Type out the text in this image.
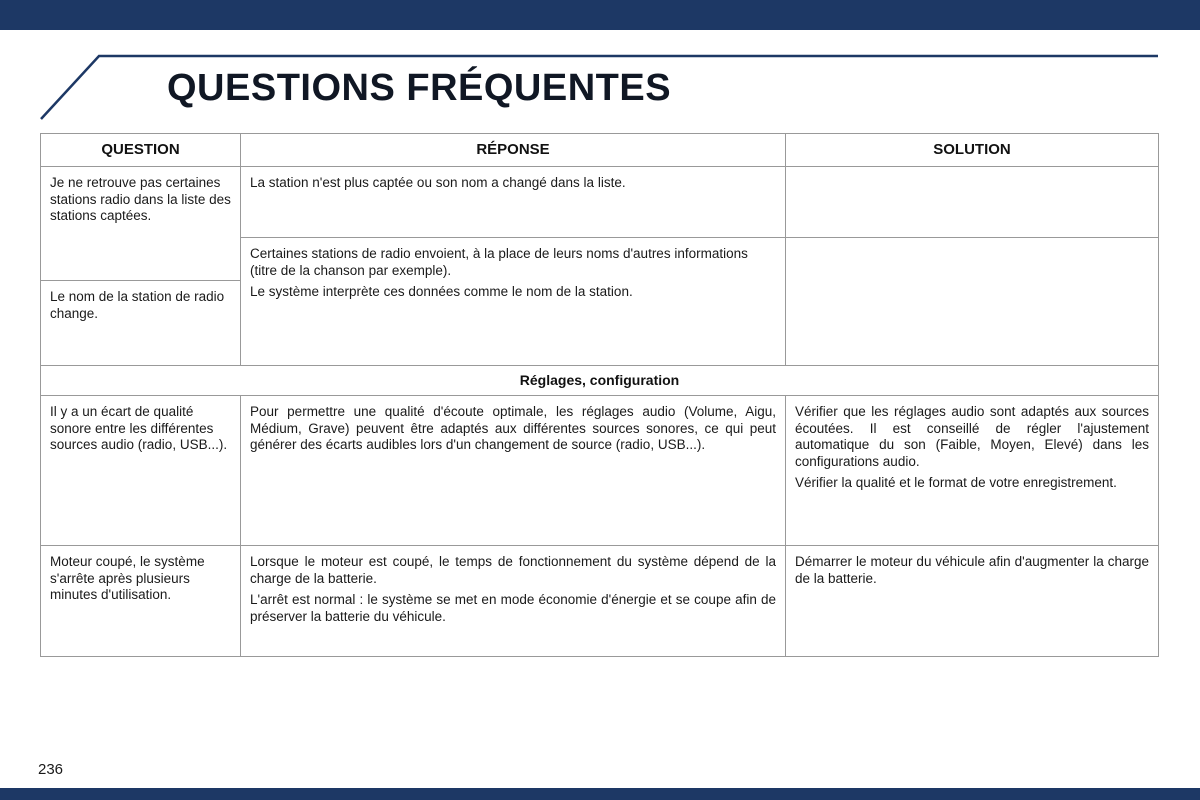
QUESTIONS FRÉQUENTES
QUESTION	RÉPONSE	SOLUTION
Je ne retrouve pas certaines stations radio dans la liste des stations captées.
Le nom de la station de radio change.
La station n'est plus captée ou son nom a changé dans la liste.

Certaines stations de radio envoient, à la place de leurs noms d'autres informations (titre de la chanson par exemple).

Le système interprète ces données comme le nom de la station.

Réglages, configuration
Il y a un écart de qualité sonore entre les différentes sources audio (radio, USB...).
Pour permettre une qualité d'écoute optimale, les réglages audio (Volume, Aigu, Médium, Grave) peuvent être adaptés aux différentes sources sonores, ce qui peut générer des écarts audibles lors d'un changement de source (radio, USB...).

Vérifier que les réglages audio sont adaptés aux sources écoutées. Il est conseillé de régler l'ajustement automatique du son (Faible, Moyen, Elevé) dans les configurations audio.

Vérifier la qualité et le format de votre enregistrement.

Moteur coupé, le système s'arrête après plusieurs minutes d'utilisation.

Lorsque le moteur est coupé, le temps de fonctionnement du système dépend de la charge de la batterie.

L'arrêt est normal : le système se met en mode économie d'énergie et se coupe afin de préserver la batterie du véhicule.

Démarrer le moteur du véhicule afin d'augmenter la charge de la batterie.
236
